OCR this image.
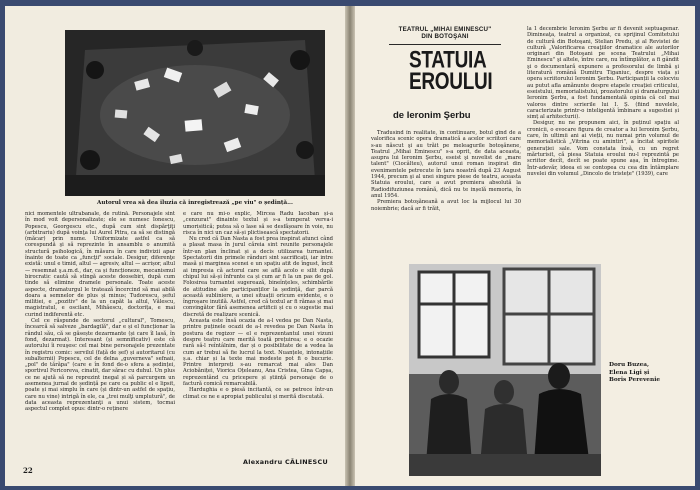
Autorul vrea să dea iluzia că inregistrează „pe viu" o ședință...

nici momentele ultrabanale, de rutină. Personajele sint în mod voit depersonalizate; ele se numesc Ionescu, Popescu, Georgescu etc., după cum sint dispărţiţi (arbitrariu) după voinţa lui Aurel Pitra, ca să se distingă (măcar) prin nume. Uniformizate astfel ca să corespundă şi să reprezinte în ansamblu o anumită structură psihologică, în măsura în care indivizii apar înainte de toate ca „funcţii" sociale. Desigur, diferenţe există: unul e timid, altul — agresiv, altul — acrișor, altul — resemnat ş.a.m.d., dar, ca și funcționeze, mecanismul birocratic caută să stingă aceste deosebiri, după cum tinde să elimine dramele personale. Toate aceste aspecte, dramaturgul le tratează încercind să mai abilă doara a semnelor de plus și minus; Tudorescu, șeful militiei, e „pozitiv" de la un capăt la altul, Vălescu, magistratul, e oscilant, Mihăescu, doctorița, e mai curind indiferentă etc.

Cel ce răspunde de sectorul „cultural", Tomescu, încearcă să salveze „bardagilă", dar e și el funcționar la rândul său, că se găsește dezarmante (și care îl lasă, în fond, dezarmat). Interesant (și semnificativ) este că autorului îi reuşesc cel mai bine personajele prezentate în registru comic: servilul (față de șef) și autoritarul (cu subalternii) Popescu, cel de delna „guverneva" sefnaii, „pol" de tărăpa" (care e în fond de-o sfera a ședinței, sportivul Fericoreva, cinatit, dar sărac cu duhul. Un plus ce ne ajută să ne reprezint inegal și să parcurgem un asemenea jurnal de ședință pe care ca public el e lipsit, poate și mai simplu în care (și dintr-un astfel de spațiu, care nu vine) intrigă în ele, ca „trei mulţi umplutură", de data aceasta reprezentanţi a unui sistem, tocmai aspectul complet opus: dintr-o reținere

e care nu mi-o explic, Mircea Radu Iacoban și-a „cenzurat" dinainte textul și s-a temperat verva-i umorisitică; putea să o lase să se desfășoare în voie, nu risca în nici un caz să-și plictisească spectatorii.

Nu cred că Dan Nasta a fost prea inspirat atunci când a plasat masa în jurul căreia sint reunite personajele într-un plan înclinat și a decis utilizarea turnantei. Spectatorii din primele rânduri sint sacrificați, iar intre masă și marginea scenei e un spațiu atit de îngust, încit ai impresia că actorul care se află acolo e silit după chipul lui să-și înfrunte ca și cum ar fi la un pas de gol. Folosirea turnantei sugerează, bineînțeles, schimbările de atitudine ale participanților la ședință, dar parcă această subliniere, a unei situații oricum evidente, e o îngroșare inutilă. Astfel, cred că textul ar fi rămas și mai convingător fără asemenea artificii și cu o sugestie mai discretă de realizare scenică.

Aceasta este însă ocazia de a-l vedea pe Dan Nasta, printre puținele ocazii de a-l revedea pe Dan Nasta în postura de regizor — el e reprezentantul unei vizuni despre teatru care merită toată prețuirea; e o ocazie rară să-l reîntâlnim, dar și o posibilitate de a vedea la cum ar trebui să fie lucrul la text. Nuanțele, intonațiile ș.a. chiar și la texte mai modeste pot fi o bucurie. Printre interpreți s-au remarcat mai ales Dan Aciobăniței, Viorica Oțeleanu, Ana Cristea, Gina Capșa, reprezentând cu pricepere și știință personaje de o factură comică remarcabilă.

Hardughia e o piesă incitantă, ce se petrece într-un climat ce ne e apropiat publicului și merită discutată.

Alexandru CĂLINESCU
22
TEATRUL „MIHAI EMINESCU"
DIN BOTOŞANI
STATUIA
EROULUI
de Ieronim Şerbu

Tradusind în realitate, în continuare, botul gînd de a valorifica scenic opera dramatică a acelor scriitori care s-au născut şi au trăit pe meleagurile botoşănene, Teatrul „Mihai Eminescu" s-a oprit, de data aceasta, asupra lui Ieronim Şerbu, eseist şi nuvelist de „mare talent" (Ciocâlteu), autorul unui roman inspirat din evenimentele petrecute în țara noastră după 23 August 1944, precum şi al unei singure piese de teatru, aceasta Statuia eroului, care a avut premiera absolută la Radiodifuziunea română, dică nu te inșelă memoria, în anul 1954.

Premiera botoşăneană a avut loc la mijlocul lui 30 noiembrie; dacă ar fi trăit,

la 1 decembrie Ieronim Şerbu ar fi devenit septuagenar. Dimineaţa, teatrul a organizat, cu sprijinul Comitetului de cultură din Botoşani, Stelian Predu, şi al Revistei de cultură „Valorificarea creaţiilor dramatice ale autorilor originari din Botoşani pe scena Teatrului „Mihai Eminescu" şi altele, între care, nu întîmplător, a fi gândit şi o documentară expunere a profesorului de limbă şi literatură română Dumitru Tiganiuc, despre viața și opera scriitorului Ieronim Şerbu. Participanții la colocviu au putut afla amănunte despre etapele creației criticului, eseistului, memorialistului, prozatorului și dramaturgului Ieronim Şerbu, a fost fundamentală opinia că cel mai valoros dintre scrierile lui I. Ș. (fiind nuvelele, caracterizate printr-o inteligentă îmbinare a sugestiei și simț al arhitecturii).

Desigur, nu ne propunem aici, în puținul spațiu al cronicii, o evocare figura de creator a lui Ieronim Şerbu, care, în ultimii ani ai vieții, nu numai prin volumul de memorialistică „Vitrina cu amintiri", a încitat spiritele generației sale. Vom constata însă, cu un regret mărturisit, că piesa Statuia eroului nu-l reprezintă pe scriitor decît, decît se poate spune așa, în întregime. Într-adevăr, ideea ei se contopea cu cea din întâmplare nuvelei din volumul „Dincolo de tristețe" (1939), care

Doru Buzea,
Elena Ligi și
Boris Perevenie
